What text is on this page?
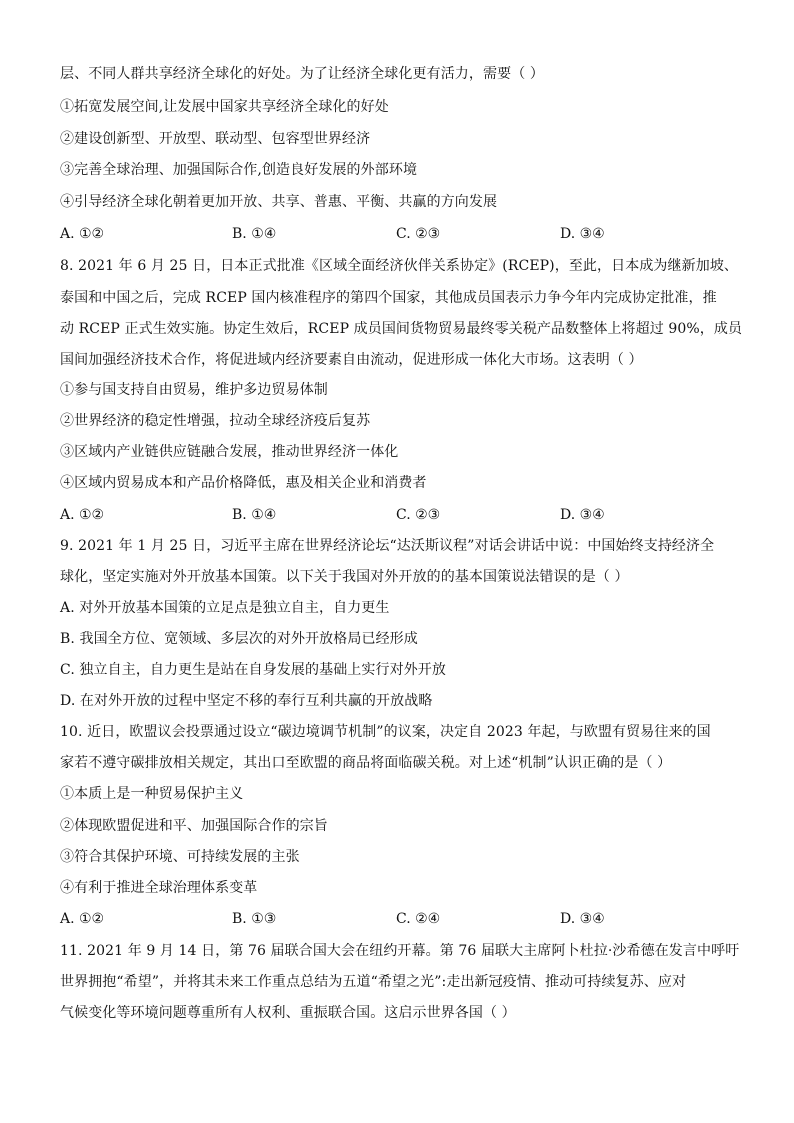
层、不同人群共享经济全球化的好处。为了让经济全球化更有活力，需要（ ）
①拓宽发展空间,让发展中国家共享经济全球化的好处
②建设创新型、开放型、联动型、包容型世界经济
③完善全球治理、加强国际合作,创造良好发展的外部环境
④引导经济全球化朝着更加开放、共享、普惠、平衡、共赢的方向发展
A. ①②	B. ①④	C. ②③	D. ③④
8. 2021 年 6 月 25 日，日本正式批准《区域全面经济伙伴关系协定》(RCEP)，至此，日本成为继新加坡、
泰国和中国之后，完成 RCEP 国内核准程序的第四个国家，其他成员国表示力争今年内完成协定批准，推
动 RCEP 正式生效实施。协定生效后，RCEP 成员国间货物贸易最终零关税产品数整体上将超过 90%，成员
国间加强经济技术合作，将促进域内经济要素自由流动，促进形成一体化大市场。这表明（ ）
①参与国支持自由贸易，维护多边贸易体制
②世界经济的稳定性增强，拉动全球经济疫后复苏
③区域内产业链供应链融合发展，推动世界经济一体化
④区域内贸易成本和产品价格降低，惠及相关企业和消费者
A. ①②	B. ①④	C. ②③	D. ③④
9. 2021 年 1 月 25 日，习近平主席在世界经济论坛“达沃斯议程”对话会讲话中说：中国始终支持经济全
球化，坚定实施对外开放基本国策。以下关于我国对外开放的的基本国策说法错误的是（ ）
A. 对外开放基本国策的立足点是独立自主，自力更生
B. 我国全方位、宽领域、多层次的对外开放格局已经形成
C. 独立自主，自力更生是站在自身发展的基础上实行对外开放
D. 在对外开放的过程中坚定不移的奉行互利共赢的开放战略
10. 近日，欧盟议会投票通过设立“碳边境调节机制”的议案，决定自 2023 年起，与欧盟有贸易往来的国
家若不遵守碳排放相关规定，其出口至欧盟的商品将面临碳关税。对上述“机制”认识正确的是（ ）
①本质上是一种贸易保护主义
②体现欧盟促进和平、加强国际合作的宗旨
③符合其保护环境、可持续发展的主张
④有利于推进全球治理体系变革
A. ①②	B. ①③	C. ②④	D. ③④
11. 2021 年 9 月 14 日，第 76 届联合国大会在纽约开幕。第 76 届联大主席阿卜杜拉·沙希德在发言中呼吁
世界拥抱“希望”，并将其未来工作重点总结为五道“希望之光”:走出新冠疫情、推动可持续复苏、应对
气候变化等环境问题尊重所有人权利、重振联合国。这启示世界各国（ ）
